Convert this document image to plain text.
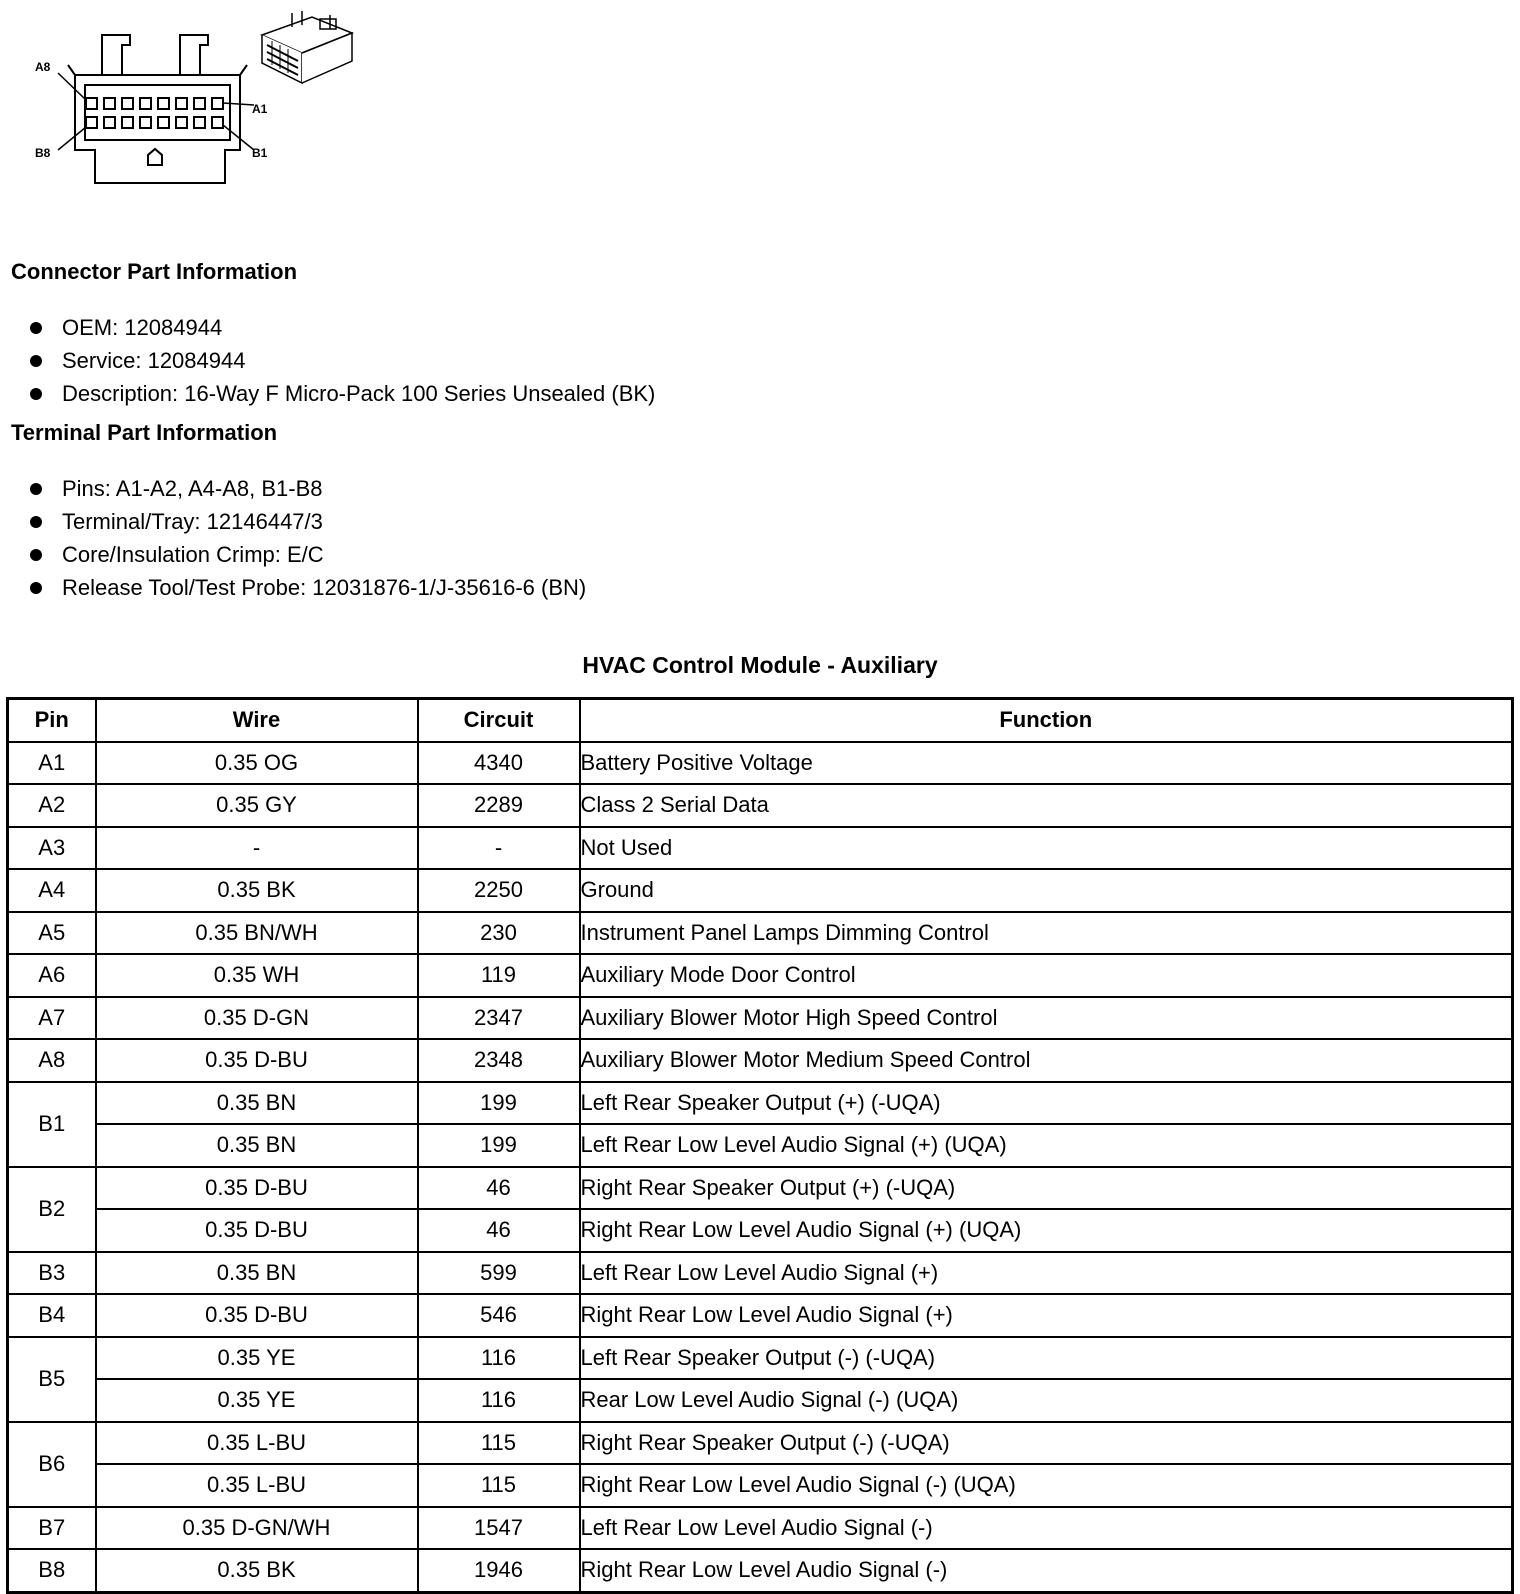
A8
A1
B8	B1
Connector Part Information
OEM: 12084944
Service: 12084944
Description: 16-Way F Micro-Pack 100 Series Unsealed (BK)
Terminal Part Information
Pins: A1-A2, A4-A8, B1-B8
Terminal/Tray: 12146447/3
Core/Insulation Crimp: E/C
Release Tool/Test Probe: 12031876-1/J-35616-6 (BN)
HVAC Control Module - Auxiliary
Pin	Wire	Circuit	Function
A1	0.35 OG	4340	Battery Positive Voltage
A2	0.35 GY	2289	Class 2 Serial Data
A3	-	-	Not Used
A4	0.35 BK	2250	Ground
A5	0.35 BN/WH	230	Instrument Panel Lamps Dimming Control
A6	0.35 WH	119	Auxiliary Mode Door Control
A7	0.35 D-GN	2347	Auxiliary Blower Motor High Speed Control
A8	0.35 D-BU	2348	Auxiliary Blower Motor Medium Speed Control
B1	0.35 BN	199	Left Rear Speaker Output (+) (-UQA)
	0.35 BN	199	Left Rear Low Level Audio Signal (+) (UQA)
B2	0.35 D-BU	46	Right Rear Speaker Output (+) (-UQA)
	0.35 D-BU	46	Right Rear Low Level Audio Signal (+) (UQA)
B3	0.35 BN	599	Left Rear Low Level Audio Signal (+)
B4	0.35 D-BU	546	Right Rear Low Level Audio Signal (+)
B5	0.35 YE	116	Left Rear Speaker Output (-) (-UQA)
	0.35 YE	116	Rear Low Level Audio Signal (-) (UQA)
B6	0.35 L-BU	115	Right Rear Speaker Output (-) (-UQA)
	0.35 L-BU	115	Right Rear Low Level Audio Signal (-) (UQA)
B7	0.35 D-GN/WH	1547	Left Rear Low Level Audio Signal (-)
B8	0.35 BK	1946	Right Rear Low Level Audio Signal (-)
